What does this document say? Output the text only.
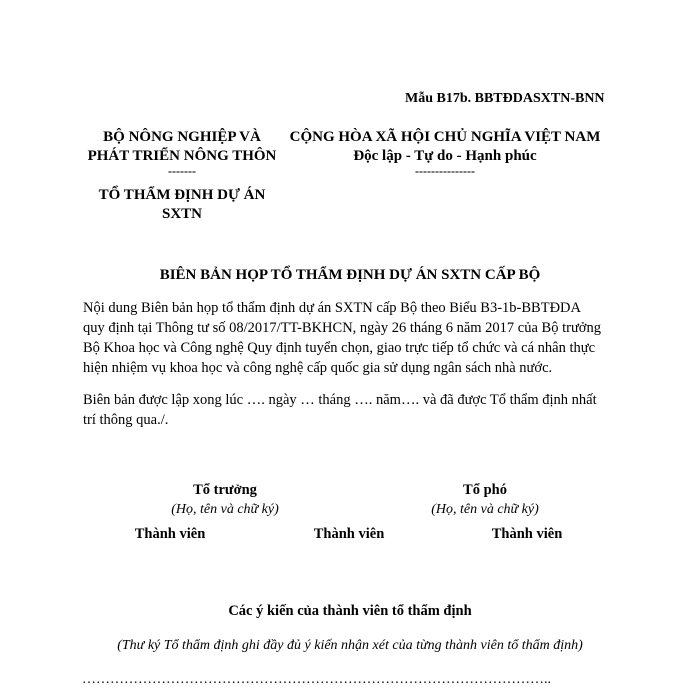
Mẫu B17b. BBTĐDASXTN-BNN
BỘ NÔNG NGHIỆP VÀ
PHÁT TRIỂN NÔNG THÔN
-------
TỔ THẨM ĐỊNH DỰ ÁN
SXTN
CỘNG HÒA XÃ HỘI CHỦ NGHĨA VIỆT NAM
Độc lập - Tự do - Hạnh phúc
---------------
BIÊN BẢN HỌP TỔ THẨM ĐỊNH DỰ ÁN SXTN CẤP BỘ
Nội dung Biên bản họp tổ thẩm định dự án SXTN cấp Bộ theo Biểu B3-1b-BBTĐDA
quy định tại Thông tư số 08/2017/TT-BKHCN, ngày 26 tháng 6 năm 2017 của Bộ trưởng
Bộ Khoa học và Công nghệ Quy định tuyển chọn, giao trực tiếp tổ chức và cá nhân thực
hiện nhiệm vụ khoa học và công nghệ cấp quốc gia sử dụng ngân sách nhà nước.
Biên bản được lập xong lúc …. ngày … tháng …. năm…. và đã được Tổ thẩm định nhất
trí thông qua./.
Tổ trưởng
(Họ, tên và chữ ký)
Tổ phó
(Họ, tên và chữ ký)
Thành viên	Thành viên	Thành viên
Các ý kiến của thành viên tổ thẩm định
(Thư ký Tổ thẩm định ghi đầy đủ ý kiến nhận xét của từng thành viên tổ thẩm định)
………………………………………………………………………………………..
